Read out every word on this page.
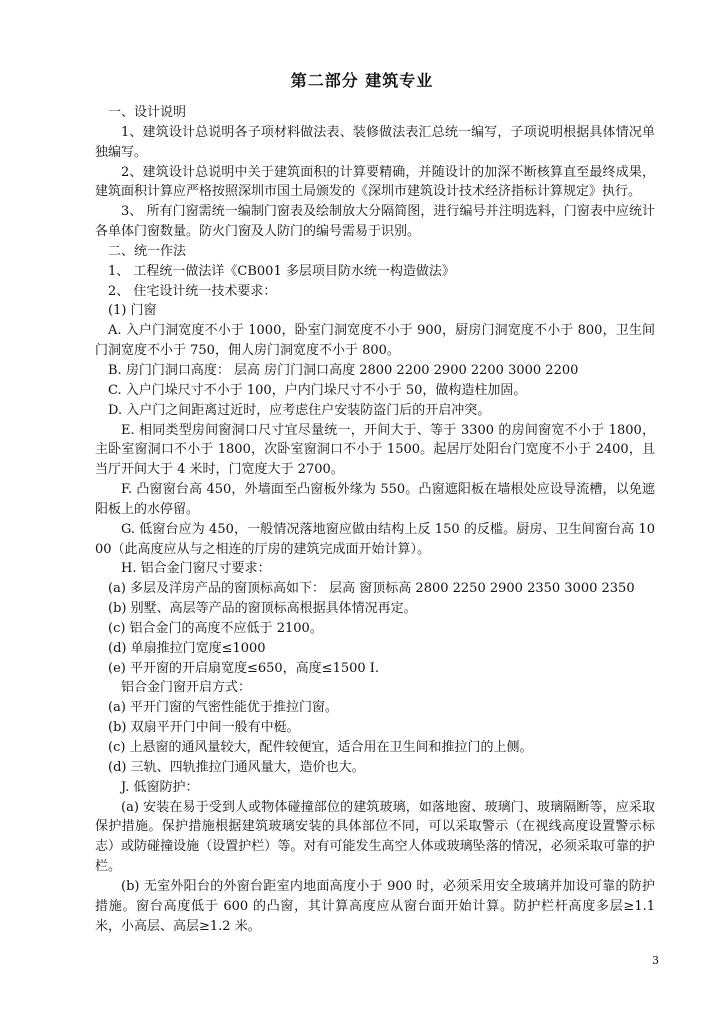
第二部分 建筑专业

一、设计说明

1、建筑设计总说明各子项材料做法表、装修做法表汇总统一编写，子项说明根据具体情况单独编写。

2、建筑设计总说明中关于建筑面积的计算要精确，并随设计的加深不断核算直至最终成果，建筑面积计算应严格按照深圳市国土局颁发的《深圳市建筑设计技术经济指标计算规定》执行。

3、 所有门窗需统一编制门窗表及绘制放大分隔简图，进行编号并注明选料，门窗表中应统计各单体门窗数量。防火门窗及人防门的编号需易于识别。

二、统一作法

1、 工程统一做法详《CB001 多层项目防水统一构造做法》

2、 住宅设计统一技术要求：

(1) 门窗

A. 入户门洞宽度不小于 1000，卧室门洞宽度不小于 900，厨房门洞宽度不小于 800，卫生间门洞宽度不小于 750，佣人房门洞宽度不小于 800。

B. 房门门洞口高度： 层高 房门门洞口高度 2800 2200 2900 2200 3000 2200

C. 入户门垛尺寸不小于 100，户内门垛尺寸不小于 50，做构造柱加固。

D. 入户门之间距离过近时，应考虑住户安装防盗门后的开启冲突。

E. 相同类型房间窗洞口尺寸宜尽量统一，开间大于、等于 3300 的房间窗宽不小于 1800，主卧室窗洞口不小于 1800，次卧室窗洞口不小于 1500。起居厅处阳台门宽度不小于 2400，且当厅开间大于 4 米时，门宽度大于 2700。

F. 凸窗窗台高 450，外墙面至凸窗板外缘为 550。凸窗遮阳板在墙根处应设导流槽，以免遮阳板上的水停留。

G. 低窗台应为 450，一般情况落地窗应做由结构上反 150 的反槛。厨房、卫生间窗台高 1000（此高度应从与之相连的厅房的建筑完成面开始计算）。

H. 铝合金门窗尺寸要求：

(a) 多层及洋房产品的窗顶标高如下： 层高 窗顶标高 2800 2250 2900 2350 3000 2350

(b) 别墅、高层等产品的窗顶标高根据具体情况再定。

(c) 铝合金门的高度不应低于 2100。

(d) 单扇推拉门宽度≤1000

(e) 平开窗的开启扇宽度≤650，高度≤1500 I.

铝合金门窗开启方式：

(a) 平开门窗的气密性能优于推拉门窗。

(b) 双扇平开门中间一般有中梃。

(c) 上悬窗的通风量较大，配件较便宜，适合用在卫生间和推拉门的上侧。

(d) 三轨、四轨推拉门通风量大，造价也大。

J. 低窗防护：

(a) 安装在易于受到人或物体碰撞部位的建筑玻璃，如落地窗、玻璃门、玻璃隔断等，应采取保护措施。保护措施根据建筑玻璃安装的具体部位不同，可以采取警示（在视线高度设置警示标志）或防碰撞设施（设置护栏）等。对有可能发生高空人体或玻璃坠落的情况，必须采取可靠的护栏。

(b) 无室外阳台的外窗台距室内地面高度小于 900 时，必须采用安全玻璃并加设可靠的防护措施。窗台高度低于 600 的凸窗，其计算高度应从窗台面开始计算。防护栏杆高度多层≥1.1 米，小高层、高层≥1.2 米。

3
